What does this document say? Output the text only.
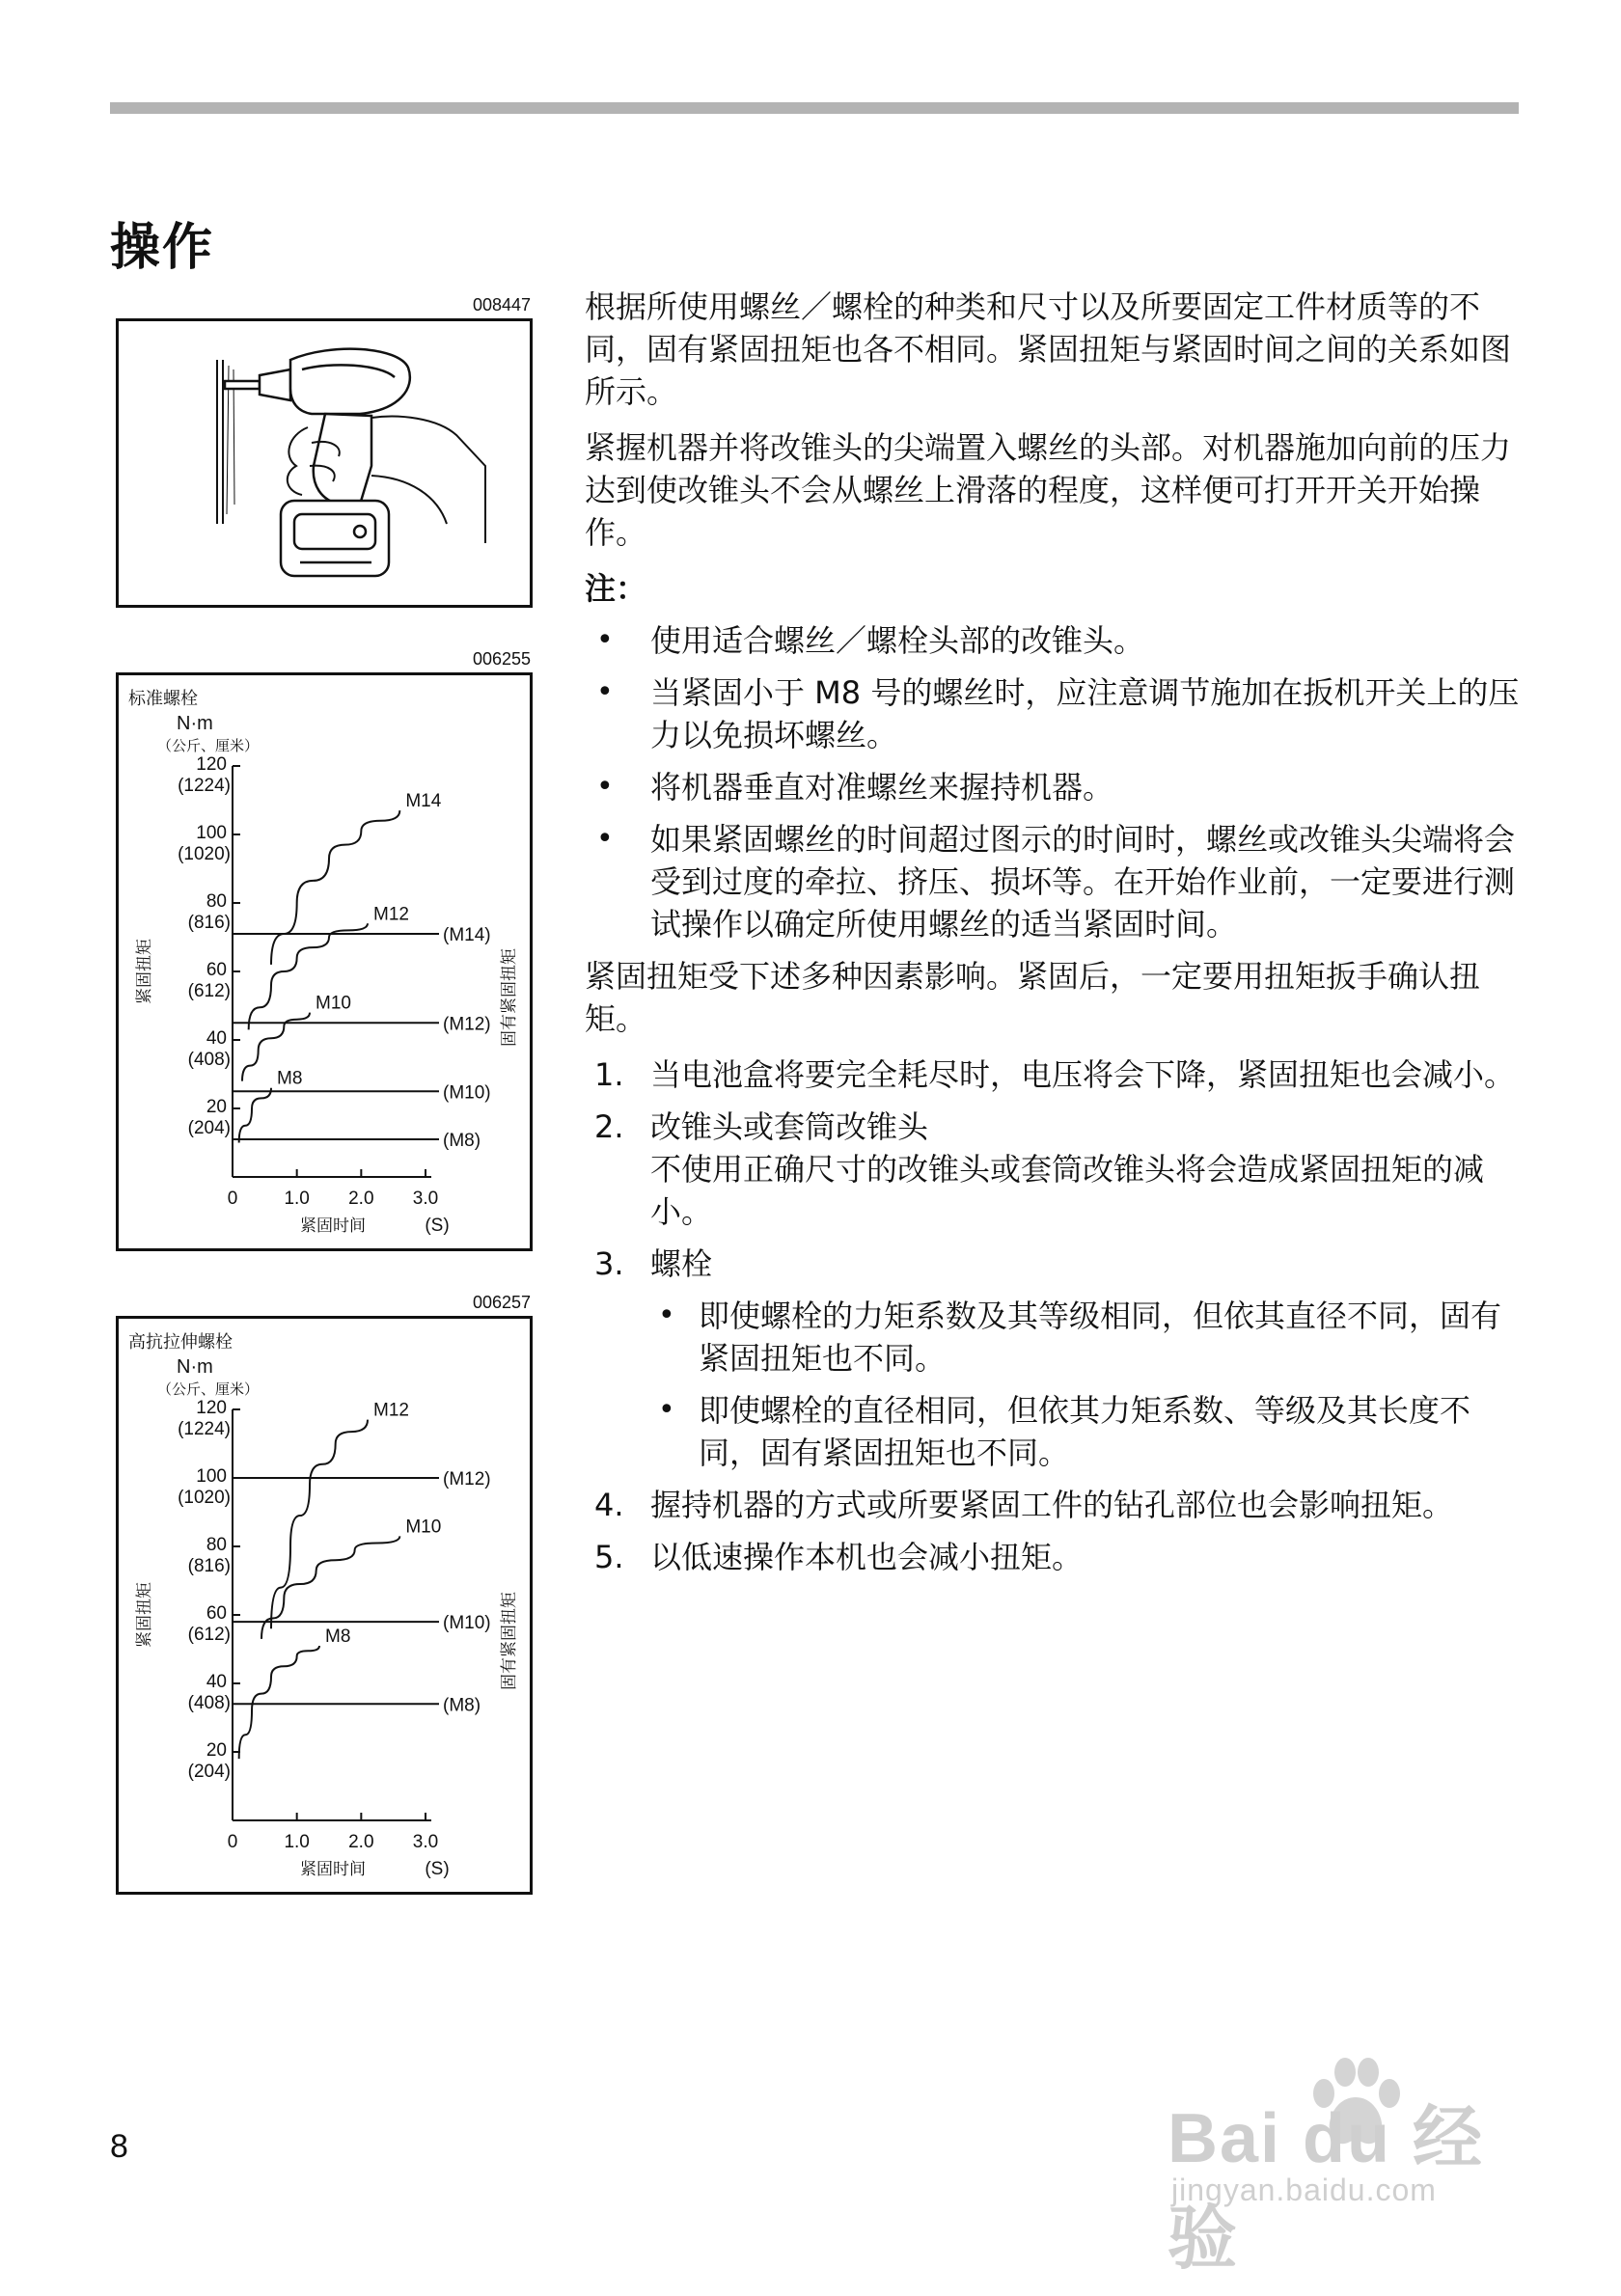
操作
008447
006255
标准螺栓
N·m
（公斤、厘米）
120
(1224)
100
(1020)
80
(816)
60
(612)
40
(408)
20
(204)
0	1.0 2.0 3.0
紧固时间	(S)
紧固扭矩	固有紧固扭矩
(M14)
(M12)
(M10)
(M8)
M14
M12
M10
M8
006257
高抗拉伸螺栓
N·m
（公斤、厘米）
120
(1224)
100
(1020)
80
(816)
60
(612)
40
(408)
20
(204)
0	1.0 2.0 3.0
紧固时间	(S)
紧固扭矩	固有紧固扭矩
(M12)
(M10)
(M8)
M12
M10
M8

根据所使用螺丝／螺栓的种类和尺寸以及所要固定工件材质等的不同，固有紧固扭矩也各不相同。紧固扭矩与紧固时间之间的关系如图所示。

紧握机器并将改锥头的尖端置入螺丝的头部。对机器施加向前的压力达到使改锥头不会从螺丝上滑落的程度，这样便可打开开关开始操作。

注：
• 使用适合螺丝／螺栓头部的改锥头。
• 当紧固小于 M8 号的螺丝时，应注意调节施加在扳机开关上的压力以免损坏螺丝。
• 将机器垂直对准螺丝来握持机器。
• 如果紧固螺丝的时间超过图示的时间时，螺丝或改锥头尖端将会受到过度的牵拉、挤压、损坏等。在开始作业前，一定要进行测试操作以确定所使用螺丝的适当紧固时间。

紧固扭矩受下述多种因素影响。紧固后，一定要用扭矩扳手确认扭矩。

1. 当电池盒将要完全耗尽时，电压将会下降，紧固扭矩也会减小。
2. 改锥头或套筒改锥头
不使用正确尺寸的改锥头或套筒改锥头将会造成紧固扭矩的减小。
3. 螺栓
• 即使螺栓的力矩系数及其等级相同，但依其直径不同，固有紧固扭矩也不同。
• 即使螺栓的直径相同，但依其力矩系数、等级及其长度不同，固有紧固扭矩也不同。
4. 握持机器的方式或所要紧固工件的钻孔部位也会影响扭矩。
5. 以低速操作本机也会减小扭矩。
8	Bai du 经验
jingyan.baidu.com
